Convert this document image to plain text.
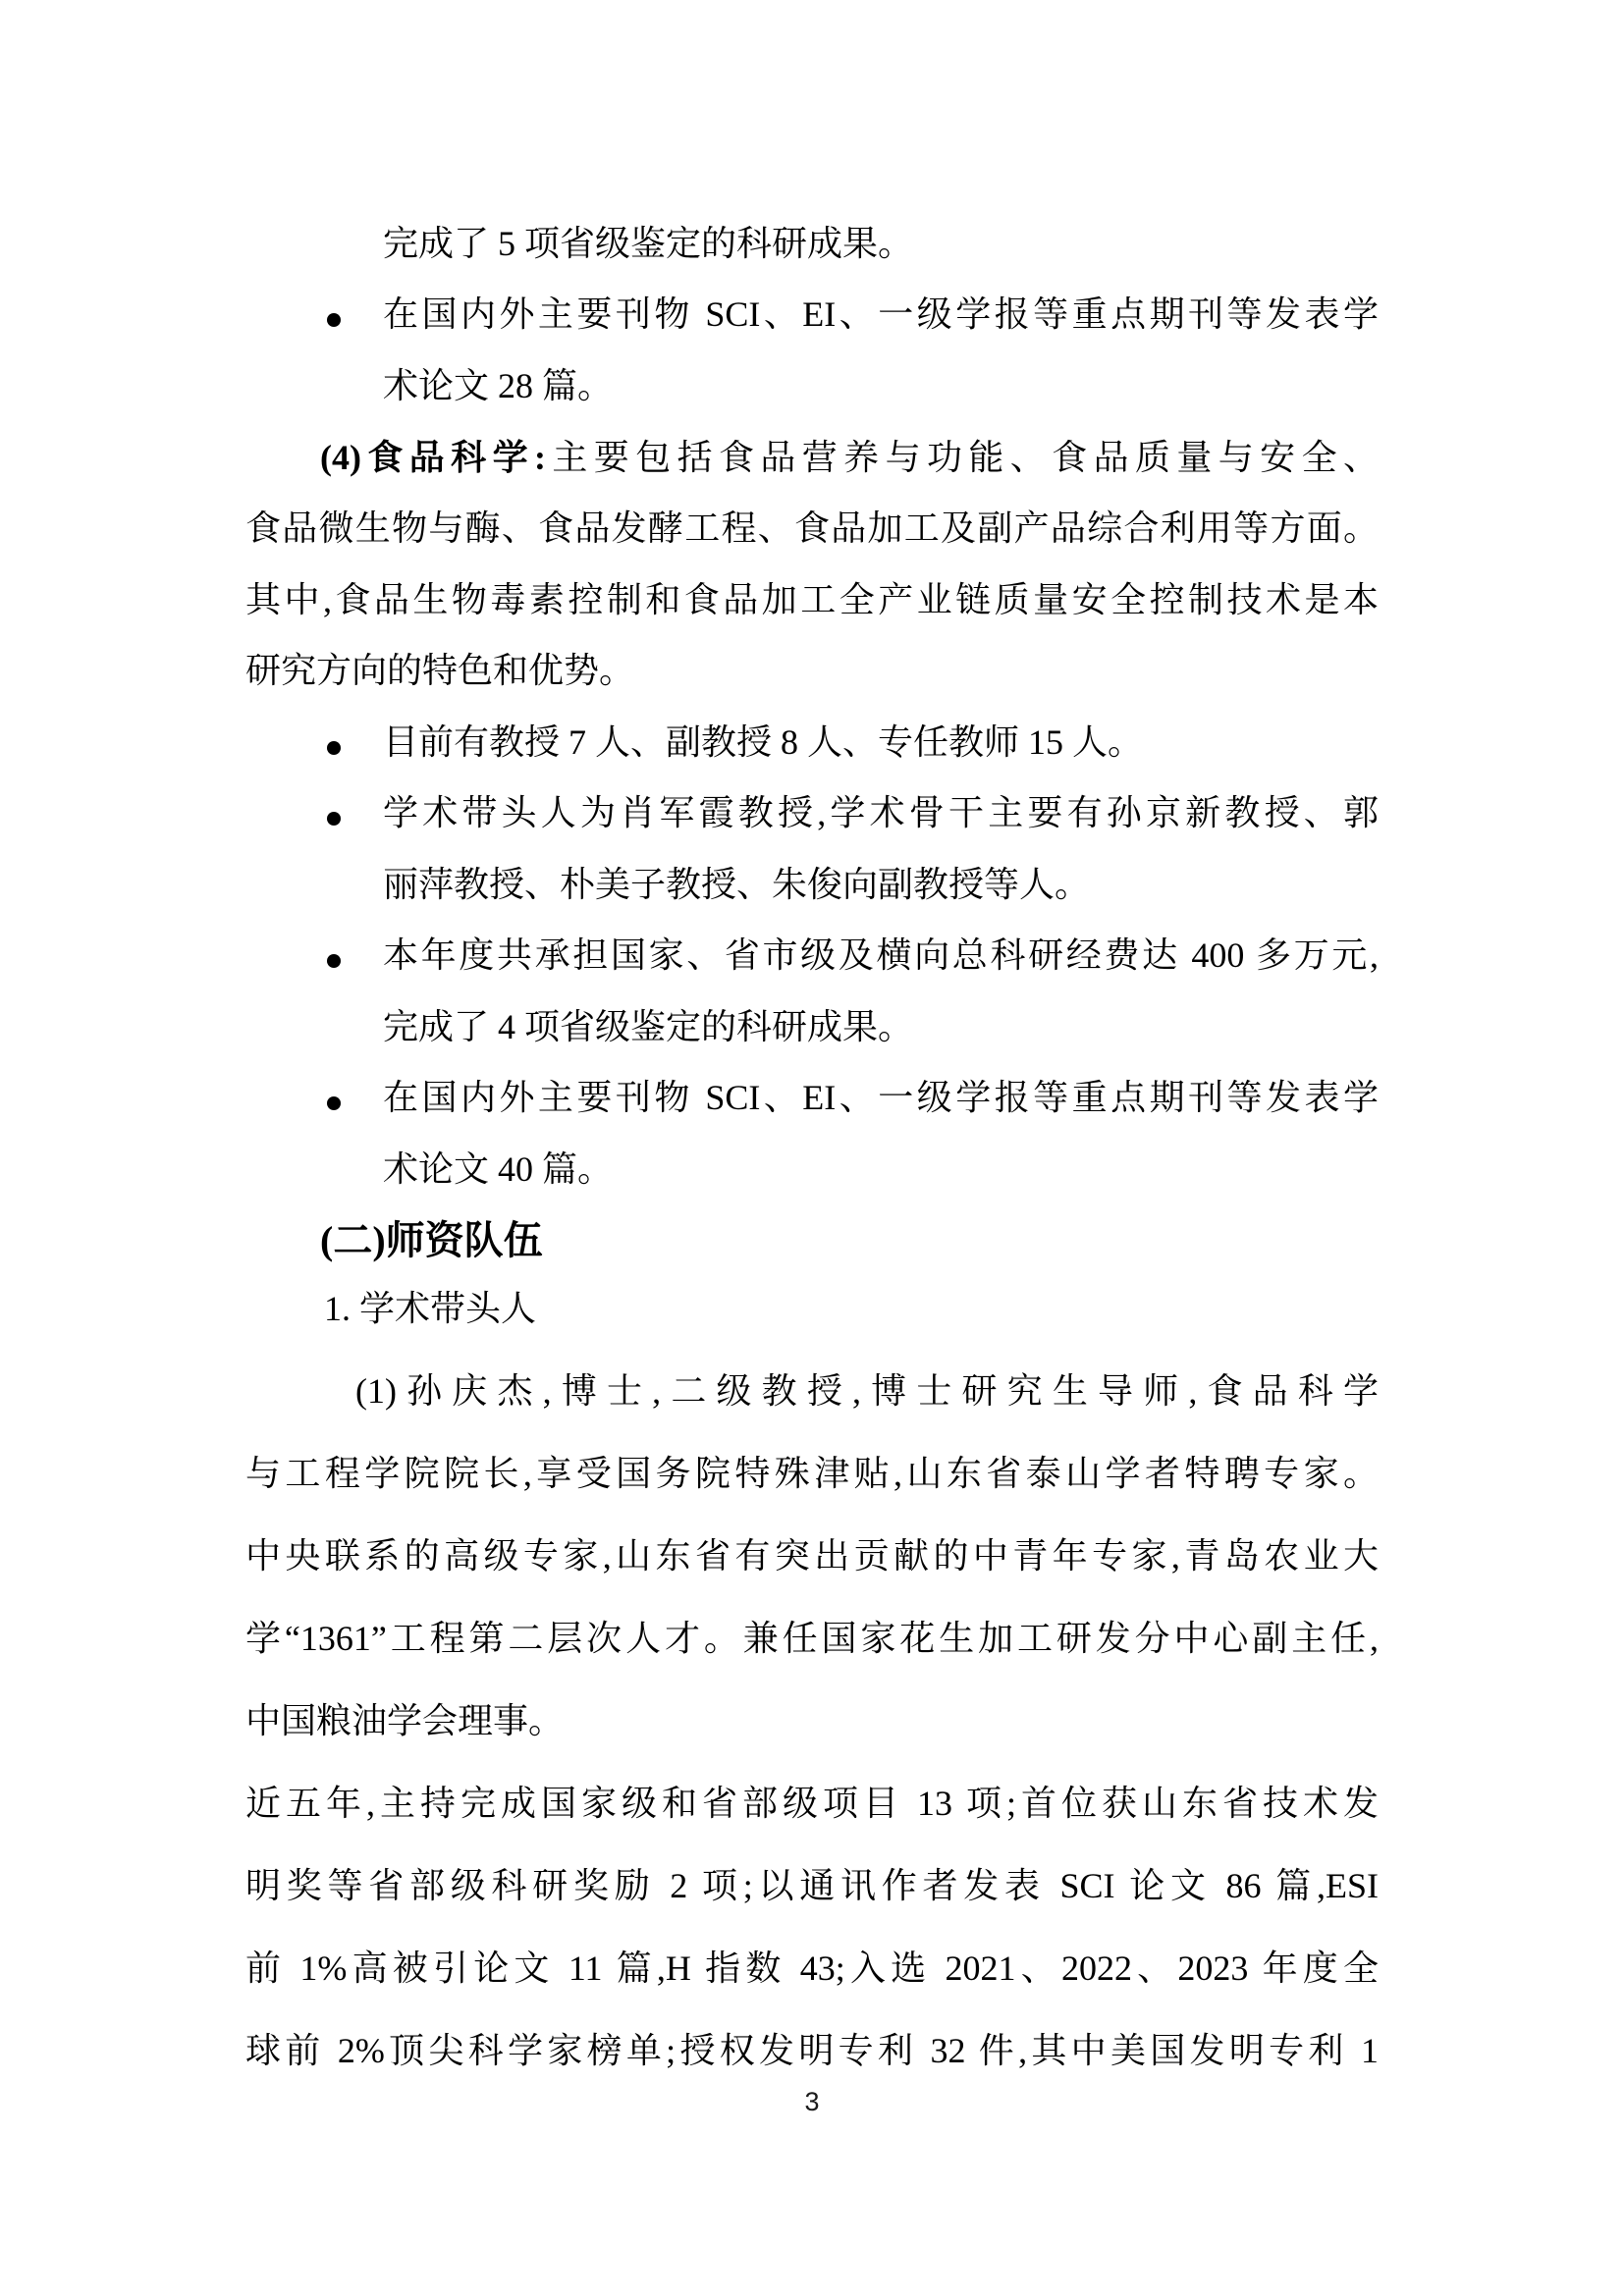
完成了 5 项省级鉴定的科研成果。
在国内外主要刊物 SCI、EI、一级学报等重点期刊等发表学
术论文 28 篇。
(4)食品科学:主要包括食品营养与功能、食品质量与安全、
食品微生物与酶、食品发酵工程、食品加工及副产品综合利用等方面。
其中,食品生物毒素控制和食品加工全产业链质量安全控制技术是本
研究方向的特色和优势。
目前有教授 7 人、副教授 8 人、专任教师 15 人。
学术带头人为肖军霞教授,学术骨干主要有孙京新教授、郭
丽萍教授、朴美子教授、朱俊向副教授等人。
本年度共承担国家、省市级及横向总科研经费达 400 多万元,
完成了 4 项省级鉴定的科研成果。
在国内外主要刊物 SCI、EI、一级学报等重点期刊等发表学
术论文 40 篇。
(二)师资队伍
1. 学术带头人
(1)孙庆杰,博士,二级教授,博士研究生导师,食品科学
与工程学院院长,享受国务院特殊津贴,山东省泰山学者特聘专家。
中央联系的高级专家,山东省有突出贡献的中青年专家,青岛农业大
学“1361”工程第二层次人才。兼任国家花生加工研发分中心副主任,
中国粮油学会理事。
近五年,主持完成国家级和省部级项目 13 项;首位获山东省技术发
明奖等省部级科研奖励 2 项;以通讯作者发表 SCI 论文 86 篇,ESI
前 1%高被引论文 11 篇,H 指数 43;入选 2021、2022、2023 年度全
球前 2%顶尖科学家榜单;授权发明专利 32 件,其中美国发明专利 1
3
